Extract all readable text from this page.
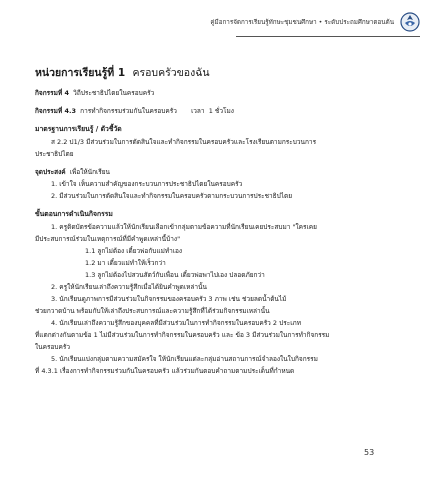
คู่มือการจัดการเรียนรู้ทักษะชุมชนศึกษา • ระดับประถมศึกษาตอนต้น
หน่วยการเรียนรู้ที่ 1 ครอบครัวของฉัน
กิจกรรมที่ 4 วิถีประชาธิปไตยในครอบครัว
กิจกรรมที่ 4.3 การทำกิจกรรมร่วมกันในครอบครัว เวลา 1 ชั่วโมง
มาตรฐานการเรียนรู้ / ตัวชี้วัด
ส 2.2 ป1/3 มีส่วนร่วมในการตัดสินใจและทำกิจกรรมในครอบครัวและโรงเรียนตามกระบวนการ
ประชาธิปไตย
จุดประสงค์ เพื่อให้นักเรียน
1. เข้าใจ เห็นความสำคัญของกระบวนการประชาธิปไตยในครอบครัว
2. มีส่วนร่วมในการตัดสินใจและทำกิจกรรมในครอบครัวตามกระบวนการประชาธิปไตย
ขั้นตอนการดำเนินกิจกรรม
1. ครูติดบัตรข้อความแล้วให้นักเรียนเลือกเข้ากลุ่มตามข้อความที่นักเรียนเคยประสบมา "ใครเคย
มีประสบการณ์ร่วมในเหตุการณ์ที่มีคำพูดเหล่านี้บ้าง"
1.1 ลูกไม่ต้อง เดี๋ยวพ่อกับแม่ทำเอง
1.2 มา เดี๋ยวแม่ทำให้เร็วกว่า
1.3 ลูกไม่ต้องไปสวนสัตว์กับเพื่อน เดี๋ยวพ่อพาไปเอง ปลอดภัยกว่า
2. ครูให้นักเรียนเล่าถึงความรู้สึกเมื่อได้ยินคำพูดเหล่านั้น
3. นักเรียนดูภาพการมีส่วนร่วมในกิจกรรมของครอบครัว 3 ภาพ เช่น ช่วยลดน้ำต้นไม้
ช่วยกวาดบ้าน พร้อมกับให้เล่าถึงประสบการณ์และความรู้สึกที่ได้ร่วมกิจกรรมเหล่านั้น
4. นักเรียนเล่าถึงความรู้สึกของบุคคลที่มีส่วนร่วมในการทำกิจกรรมในครอบครัว 2 ประเภท
ที่แตกต่างกันตามข้อ 1 ไม่มีส่วนร่วมในการทำกิจกรรมในครอบครัว และ ข้อ 3 มีส่วนร่วมในการทำกิจกรรม
ในครอบครัว
5. นักเรียนแบ่งกลุ่มตามความสมัครใจ ให้นักเรียนแต่ละกลุ่มอ่านสถานการณ์จำลองในใบกิจกรรม
ที่ 4.3.1 เรื่องการทำกิจกรรมร่วมกันในครอบครัว แล้วร่วมกันตอบคำถามตามประเด็นที่กำหนด
53
